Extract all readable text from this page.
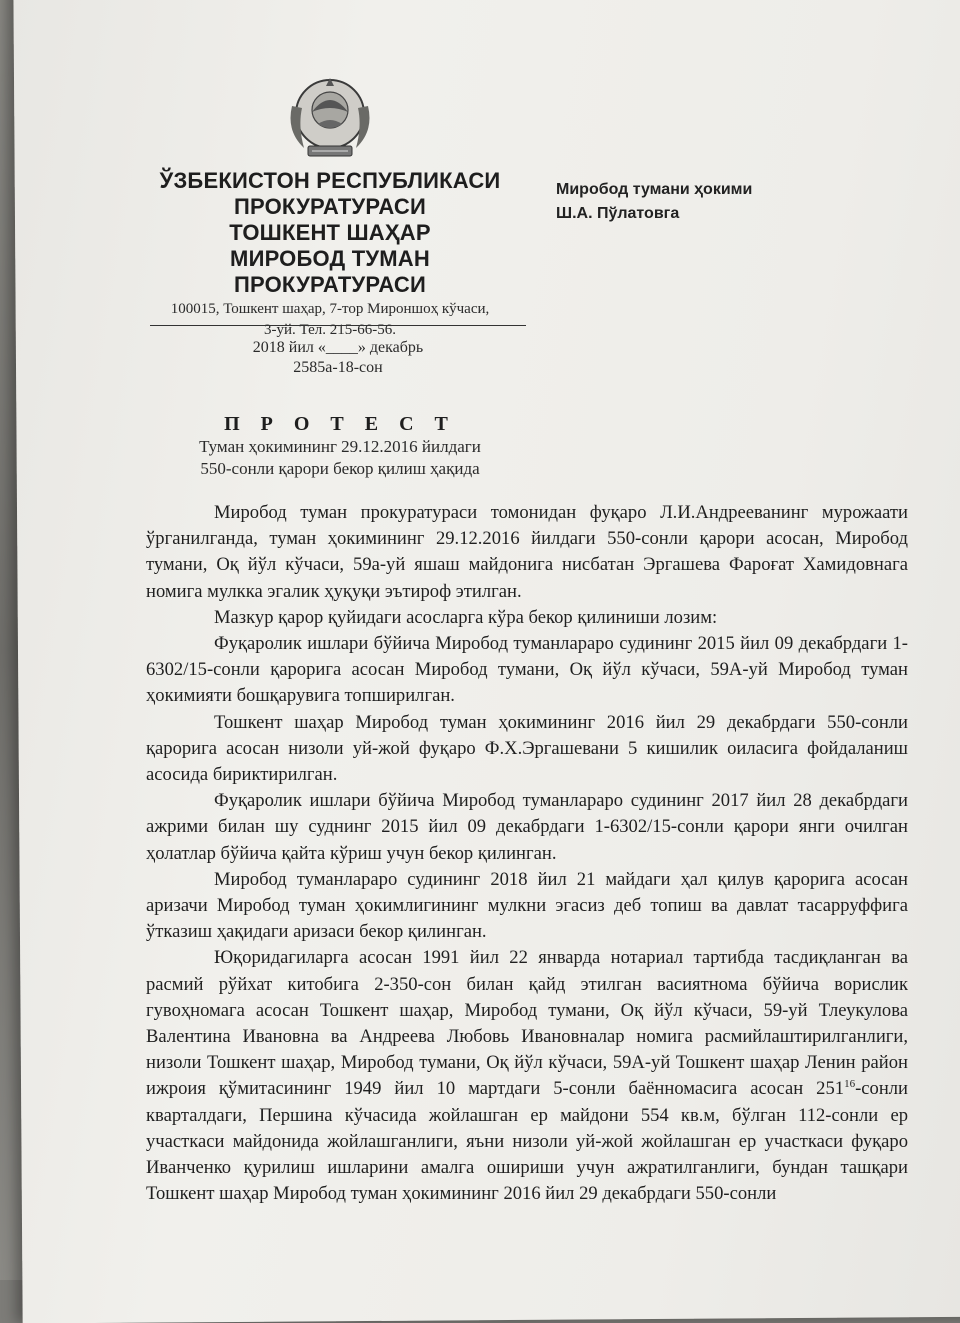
ЎЗБЕКИСТОН РЕСПУБЛИКАСИ
ПРОКУРАТУРАСИ
ТОШКЕНТ ШАҲАР
МИРОБОД ТУМАН
ПРОКУРАТУРАСИ
100015, Тошкент шаҳар, 7-тор Мироншоҳ кўчаси,
3-уй. Тел. 215-66-56.
2018 йил «____» декабрь
2585а-18-сон
Миробод тумани ҳокими
Ш.А. Пўлатовга
П Р О Т Е С Т
Туман ҳокимининг 29.12.2016 йилдаги
550-сонли қарори бекор қилиш ҳақида

Миробод туман прокуратураси томонидан фуқаро Л.И.Андрееванинг мурожаати ўрганилганда, туман ҳокимининг 29.12.2016 йилдаги 550-сонли қарори асосан, Миробод тумани, Оқ йўл кўчаси, 59а-уй яшаш майдонига нисбатан Эргашева Фароғат Хамидовнага номига мулкка эгалик ҳуқуқи эътироф этилган.

Мазкур қарор қуйидаги асосларга кўра бекор қилиниши лозим:

Фуқаролик ишлари бўйича Миробод туманлараро судининг 2015 йил 09 декабрдаги 1-6302/15-сонли қарорига асосан Миробод тумани, Оқ йўл кўчаси, 59А-уй Миробод туман ҳокимияти бошқарувига топширилган.

Тошкент шаҳар Миробод туман ҳокимининг 2016 йил 29 декабрдаги 550-сонли қарорига асосан низоли уй-жой фуқаро Ф.Х.Эргашевани 5 кишилик оиласига фойдаланиш асосида бириктирилган.

Фуқаролик ишлари бўйича Миробод туманлараро судининг 2017 йил 28 декабрдаги ажрими билан шу суднинг 2015 йил 09 декабрдаги 1-6302/15-сонли қарори янги очилган ҳолатлар бўйича қайта кўриш учун бекор қилинган.

Миробод туманлараро судининг 2018 йил 21 майдаги ҳал қилув қарорига асосан аризачи Миробод туман ҳокимлигининг мулкни эгасиз деб топиш ва давлат тасарруффига ўтказиш ҳақидаги аризаси бекор қилинган.

Юқоридагиларга асосан 1991 йил 22 январда нотариал тартибда тасдиқланган ва расмий рўйхат китобига 2-350-сон билан қайд этилган васиятнома бўйича ворислик гувоҳномага асосан Тошкент шаҳар, Миробод тумани, Оқ йўл кўчаси, 59-уй Тлеукулова Валентина Ивановна ва Андреева Любовь Ивановналар номига расмийлаштирилганлиги, низоли Тошкент шаҳар, Миробод тумани, Оқ йўл кўчаси, 59А-уй Тошкент шаҳар Ленин район ижроия қўмитасининг 1949 йил 10 мартдаги 5-сонли баённомасига асосан $251^{16}$-сонли кварталдаги, Першина кўчасида жойлашган ер майдони 554 кв.м, бўлган 112-сонли ер участкаси майдонида жойлашганлиги, яъни низоли уй-жой жойлашган ер участкаси фуқаро Иванченко қурилиш ишларини амалга ошириши учун ажратилганлиги, бундан ташқари Тошкент шаҳар Миробод туман ҳокимининг 2016 йил 29 декабрдаги 550-сонли
